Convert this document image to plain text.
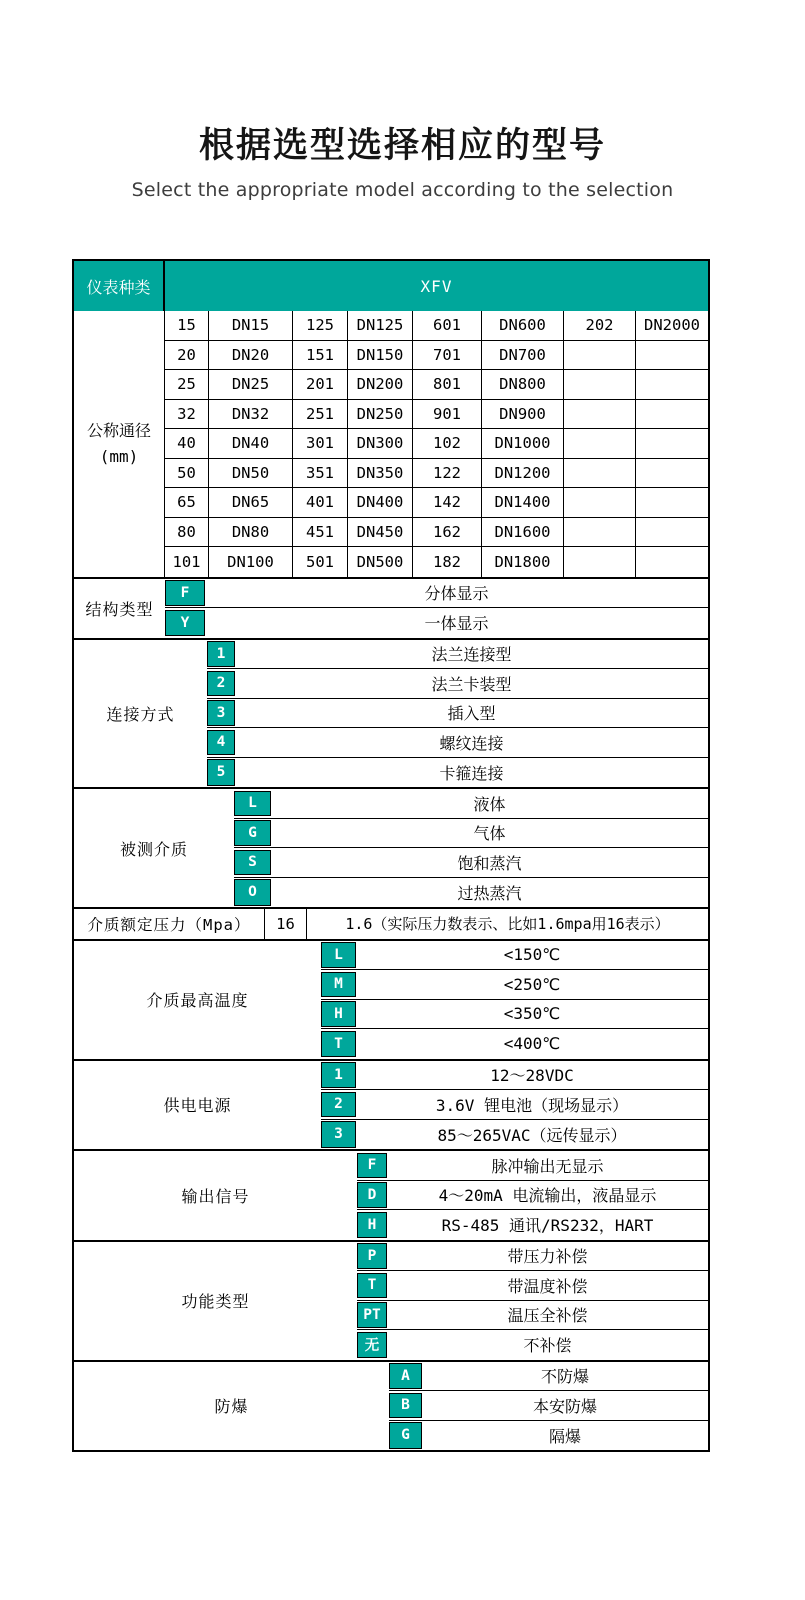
根据选型选择相应的型号
Select the appropriate model according to the selection
仪表种类	XFV
公称通径
(mm)
15	DN15	125	DN125	601	DN600	202	DN2000
20	DN20	151	DN150	701	DN700
25	DN25	201	DN200	801	DN800
32	DN32	251	DN250	901	DN900
40	DN40	301	DN300	102	DN1000
50	DN50	351	DN350	122	DN1200
65	DN65	401	DN400	142	DN1400
80	DN80	451	DN450	162	DN1600
101	DN100	501	DN500	182	DN1800
结构类型
F	分体显示
Y	一体显示
连接方式
1	法兰连接型
2	法兰卡装型
3	插入型
4	螺纹连接
5	卡箍连接
被测介质
L	液体
G	气体
S	饱和蒸汽
O	过热蒸汽
介质额定压力（Mpa）	16	1.6（实际压力数表示、比如1.6mpa用16表示）
介质最高温度
L	<150℃
M	<250℃
H	<350℃
T	<400℃
供电电源
1	12～28VDC
2	3.6V 锂电池（现场显示）
3	85～265VAC（远传显示）
输出信号
F	脉冲输出无显示
D	4～20mA 电流输出，液晶显示
H	RS-485 通讯/RS232，HART
功能类型
P	带压力补偿
T	带温度补偿
PT	温压全补偿
无	不补偿
防爆
A	不防爆
B	本安防爆
G	隔爆
